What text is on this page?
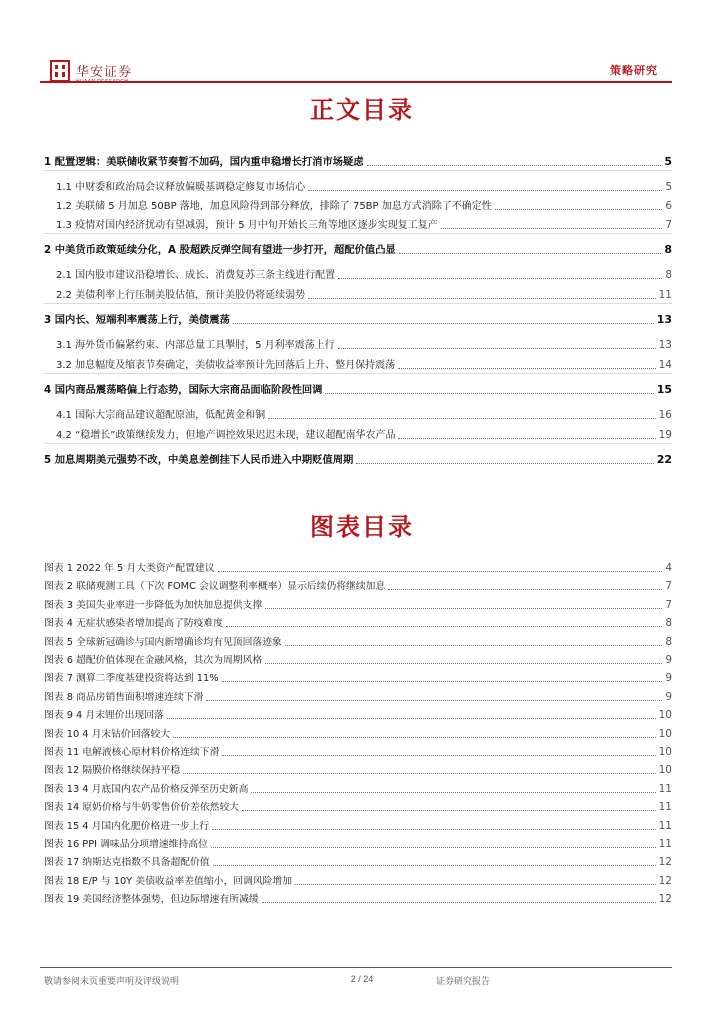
华安证券	策略研究
正文目录
1 配置逻辑：美联储收紧节奏暂不加码，国内重申稳增长打消市场疑虑	5
1.1 中财委和政治局会议释放偏暖基调稳定修复市场信心	5
1.2 美联储 5 月加息 50BP 落地，加息风险得到部分释放，排除了 75BP 加息方式消除了不确定性	6
1.3 疫情对国内经济扰动有望减弱，预计 5 月中旬开始长三角等地区逐步实现复工复产	7
2 中美货币政策延续分化，A 股超跌反弹空间有望进一步打开，超配价值凸显	8
2.1 国内股市建议沿稳增长、成长、消费复苏三条主线进行配置	8
2.2 美债利率上行压制美股估值，预计美股仍将延续弱势	11
3 国内长、短端利率震荡上行，美债震荡	13
3.1 海外货币偏紧约束、内部总量工具掣肘，5 月利率震荡上行	13
3.2 加息幅度及缩表节奏确定，美债收益率预计先回落后上升、整月保持震荡	14
4 国内商品震荡略偏上行态势，国际大宗商品面临阶段性回调	15
4.1 国际大宗商品建议超配原油，低配黄金和铜	16
4.2 “稳增长”政策继续发力，但地产调控效果迟迟未现，建议超配南华农产品	19
5 加息周期美元强势不改，中美息差倒挂下人民币进入中期贬值周期	22
图表目录
图表 1 2022 年 5 月大类资产配置建议	4
图表 2 联储观测工具（下次 FOMC 会议调整利率概率）显示后续仍将继续加息	7
图表 3 美国失业率进一步降低为加快加息提供支撑	7
图表 4 无症状感染者增加提高了防疫难度	8
图表 5 全球新冠确诊与国内新增确诊均有见顶回落迹象	8
图表 6 超配价值体现在金融风格，其次为周期风格	9
图表 7 测算二季度基建投资将达到 11%	9
图表 8 商品房销售面积增速连续下滑	9
图表 9 4 月末锂价出现回落	10
图表 10 4 月末钴价回落较大	10
图表 11 电解液核心原材料价格连续下滑	10
图表 12 隔膜价格继续保持平稳	10
图表 13 4 月底国内农产品价格反弹至历史新高	11
图表 14 原奶价格与牛奶零售价价差依然较大	11
图表 15 4 月国内化肥价格进一步上行	11
图表 16 PPI 调味品分项增速维持高位	11
图表 17 纳斯达克指数不具备超配价值	12
图表 18 E/P 与 10Y 美债收益率差值缩小，回调风险增加	12
图表 19 美国经济整体强势，但边际增速有所减缓	12
敬请参阅末页重要声明及评级说明	2 / 24	证券研究报告
